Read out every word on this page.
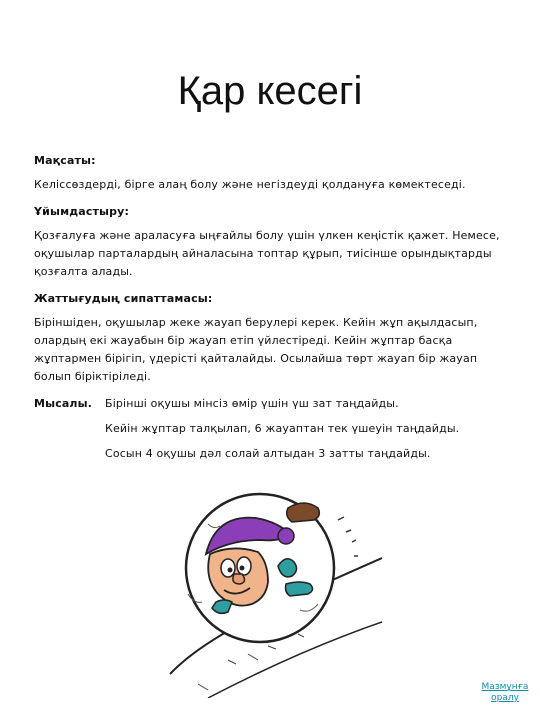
Қар кесегі
Мақсаты:
Келіссөздерді, бірге алаң болу және негіздеуді қолдануға көмектеседі.
Ұйымдастыру:
Қозғалуға және араласуға ыңғайлы болу үшін үлкен кеңістік қажет. Немесе, оқушылар парталардың айналасына топтар құрып, тиісінше орындықтарды қозғалта алады.
Жаттығудың сипаттамасы:
Біріншіден, оқушылар жеке жауап берулері керек. Кейін жұп ақылдасып, олардың екі жауабын бір жауап етіп үйлестіреді. Кейін жұптар басқа жұптармен бірігіп, үдерісті қайталайды. Осылайша төрт жауап бір жауап болып біріктіріледі.
Мысалы. Бірінші оқушы мінсіз өмір үшін үш зат таңдайды.
Кейін жұптар талқылап, 6 жауаптан тек үшеуін таңдайды.
Сосын 4 оқушы дәл солай алтыдан 3 затты таңдайды.
Мазмұнға
оралу
